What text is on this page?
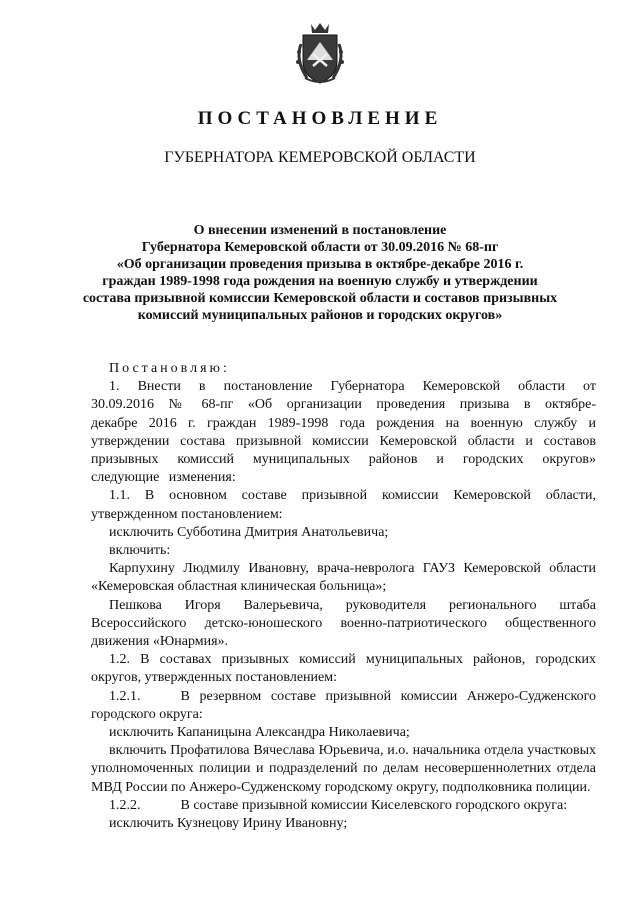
ПОСТАНОВЛЕНИЕ
ГУБЕРНАТОРА КЕМЕРОВСКОЙ ОБЛАСТИ
О внесении изменений в постановление
Губернатора Кемеровской области от 30.09.2016 № 68-пг
«Об организации проведения призыва в октябре-декабре 2016 г.
граждан 1989-1998 года рождения на военную службу и утверждении
состава призывной комиссии Кемеровской области и составов призывных
комиссий муниципальных районов и городских округов»

Постановляю:

1. Внести в постановление Губернатора Кемеровской области от 30.09.2016 № 68-пг «Об организации проведения призыва в октябре-декабре 2016 г. граждан 1989-1998 года рождения на военную службу и утверждении состава призывной комиссии Кемеровской области и составов призывных комиссий муниципальных районов и городских округов» следующие изменения:

1.1. В основном составе призывной комиссии Кемеровской области, утвержденном постановлением:

исключить Субботина Дмитрия Анатольевича;

включить:

Карпухину Людмилу Ивановну, врача-невролога ГАУЗ Кемеровской области «Кемеровская областная клиническая больница»;

Пешкова Игоря Валерьевича, руководителя регионального штаба Всероссийского детско-юношеского военно-патриотического общественного движения «Юнармия».

1.2. В составах призывных комиссий муниципальных районов, городских округов, утвержденных постановлением:

1.2.1.	В резервном составе призывной комиссии Анжеро-Судженского городского округа:

исключить Капаницына Александра Николаевича;

включить Профатилова Вячеслава Юрьевича, и.о. начальника отдела участковых уполномоченных полиции и подразделений по делам несовершеннолетних отдела МВД России по Анжеро-Судженскому городскому округу, подполковника полиции.

1.2.2.	В составе призывной комиссии Киселевского городского округа:

исключить Кузнецову Ирину Ивановну;
